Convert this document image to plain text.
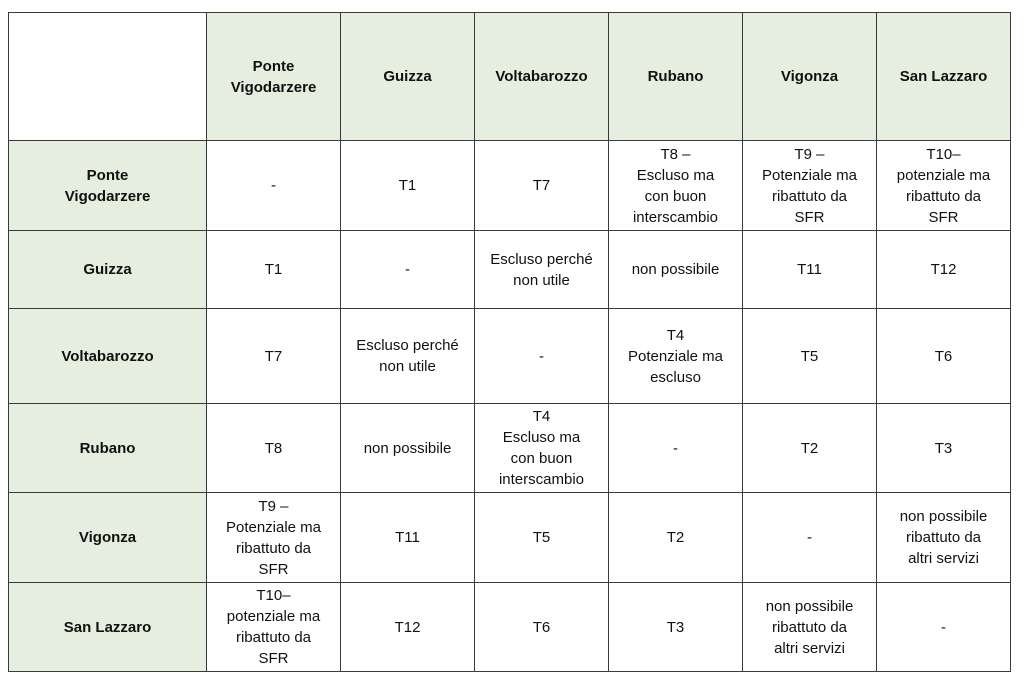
	Ponte
Vigodarzere	Guizza	Voltabarozzo	Rubano	Vigonza	San Lazzaro
Ponte
Vigodarzere	-	T1	T7	T8 –
Escluso ma
con buon
interscambio	T9 –
Potenziale ma
ribattuto da
SFR	T10–
potenziale ma
ribattuto da
SFR
Guizza	T1	-	Escluso perché
non utile	non possibile	T11	T12
Voltabarozzo	T7	Escluso perché
non utile	-	T4
Potenziale ma
escluso	T5	T6
Rubano	T8	non possibile	T4
Escluso ma
con buon
interscambio	-	T2	T3
Vigonza	T9 –
Potenziale ma
ribattuto da
SFR	T11	T5	T2	-	non possibile
ribattuto da
altri servizi
San Lazzaro	T10–
potenziale ma
ribattuto da
SFR	T12	T6	T3	non possibile
ribattuto da
altri servizi	-
